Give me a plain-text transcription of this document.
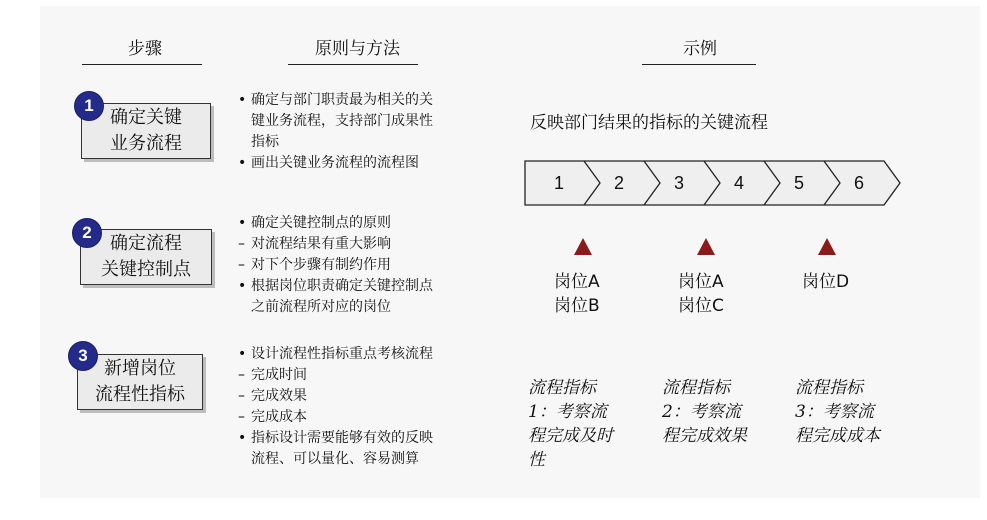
步骤	原则与方法	示例
确定关键
业务流程
1
确定流程
关键控制点
2
新增岗位
流程性指标
3
• 确定与部门职责最为相关的关
键业务流程，支持部门成果性
指标
• 画出关键业务流程的流程图
• 确定关键控制点的原则
– 对流程结果有重大影响
– 对下个步骤有制约作用
• 根据岗位职责确定关键控制点
之前流程所对应的岗位
• 设计流程性指标重点考核流程
– 完成时间
– 完成效果
– 完成成本
• 指标设计需要能够有效的反映
流程、可以量化、容易测算
反映部门结果的指标的关键流程
1	2	3	4	5	6
岗位A
岗位B
岗位A
岗位C
岗位D
流程指标
1：考察流
程完成及时
性
流程指标
2：考察流
程完成效果
流程指标
3：考察流
程完成成本
